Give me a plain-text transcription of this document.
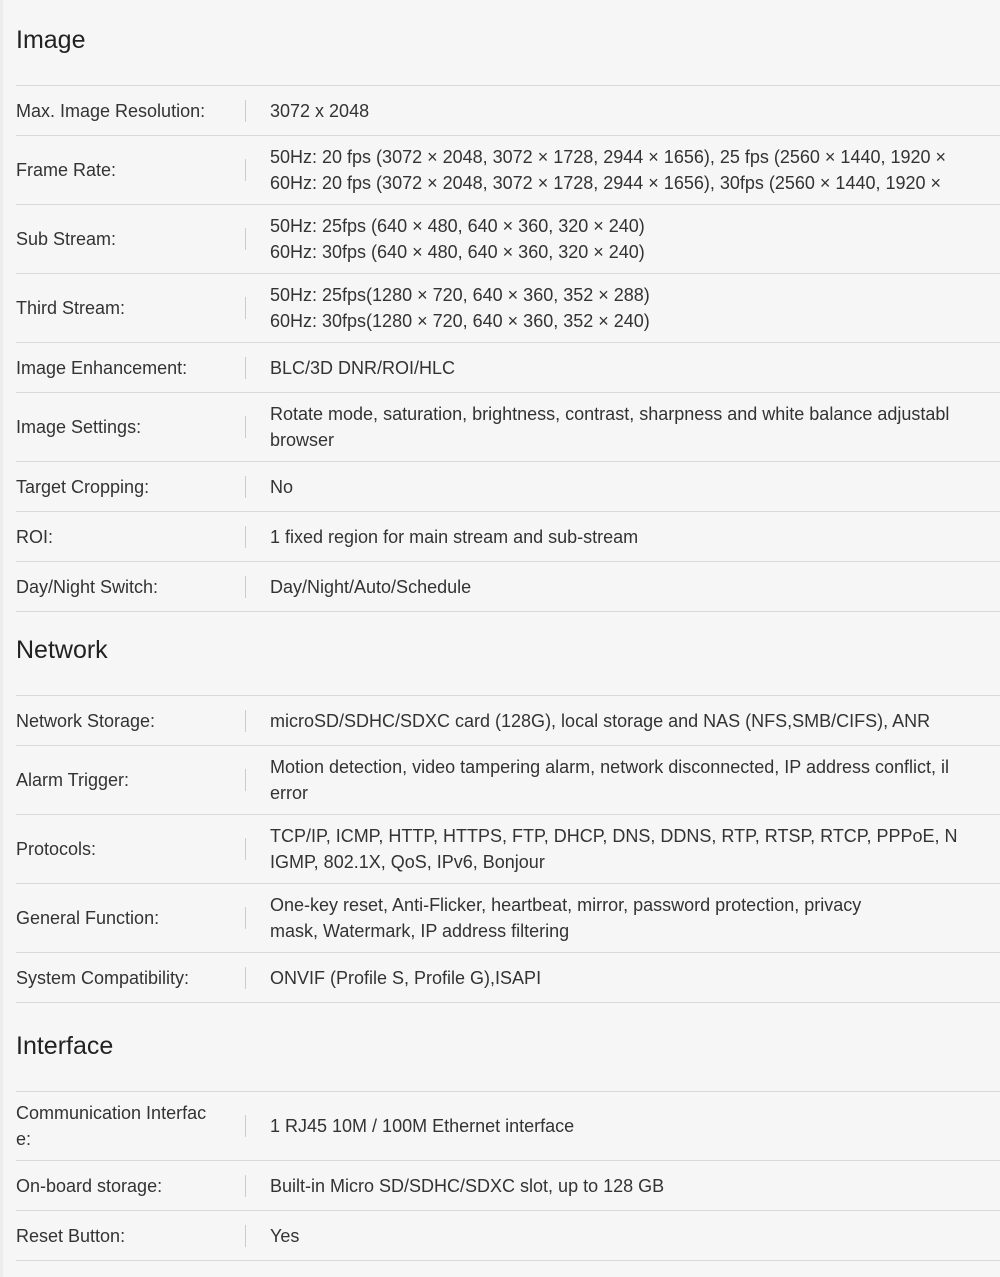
Image
Max. Image Resolution:	3072 x 2048
Frame Rate:
50Hz: 20 fps (3072 × 2048, 3072 × 1728, 2944 × 1656), 25 fps (2560 × 1440, 1920 ×
60Hz: 20 fps (3072 × 2048, 3072 × 1728, 2944 × 1656), 30fps (2560 × 1440, 1920 ×
Sub Stream:
50Hz: 25fps (640 × 480, 640 × 360, 320 × 240)
60Hz: 30fps (640 × 480, 640 × 360, 320 × 240)
Third Stream:
50Hz: 25fps(1280 × 720, 640 × 360, 352 × 288)
60Hz: 30fps(1280 × 720, 640 × 360, 352 × 240)
Image Enhancement:	BLC/3D DNR/ROI/HLC
Image Settings:
Rotate mode, saturation, brightness, contrast, sharpness and white balance adjustabl
browser
Target Cropping:	No
ROI:	1 fixed region for main stream and sub-stream
Day/Night Switch:	Day/Night/Auto/Schedule
Network
Network Storage:	microSD/SDHC/SDXC card (128G), local storage and NAS (NFS,SMB/CIFS), ANR
Alarm Trigger:
Motion detection, video tampering alarm, network disconnected, IP address conflict, il
error
Protocols:
TCP/IP, ICMP, HTTP, HTTPS, FTP, DHCP, DNS, DDNS, RTP, RTSP, RTCP, PPPoE, N
IGMP, 802.1X, QoS, IPv6, Bonjour
General Function:
One-key reset, Anti-Flicker, heartbeat, mirror, password protection, privacy
mask, Watermark, IP address filtering
System Compatibility:	ONVIF (Profile S, Profile G),ISAPI
Interface
Communication Interfac
e:
1 RJ45 10M / 100M Ethernet interface
On-board storage:	Built-in Micro SD/SDHC/SDXC slot, up to 128 GB
Reset Button:	Yes
